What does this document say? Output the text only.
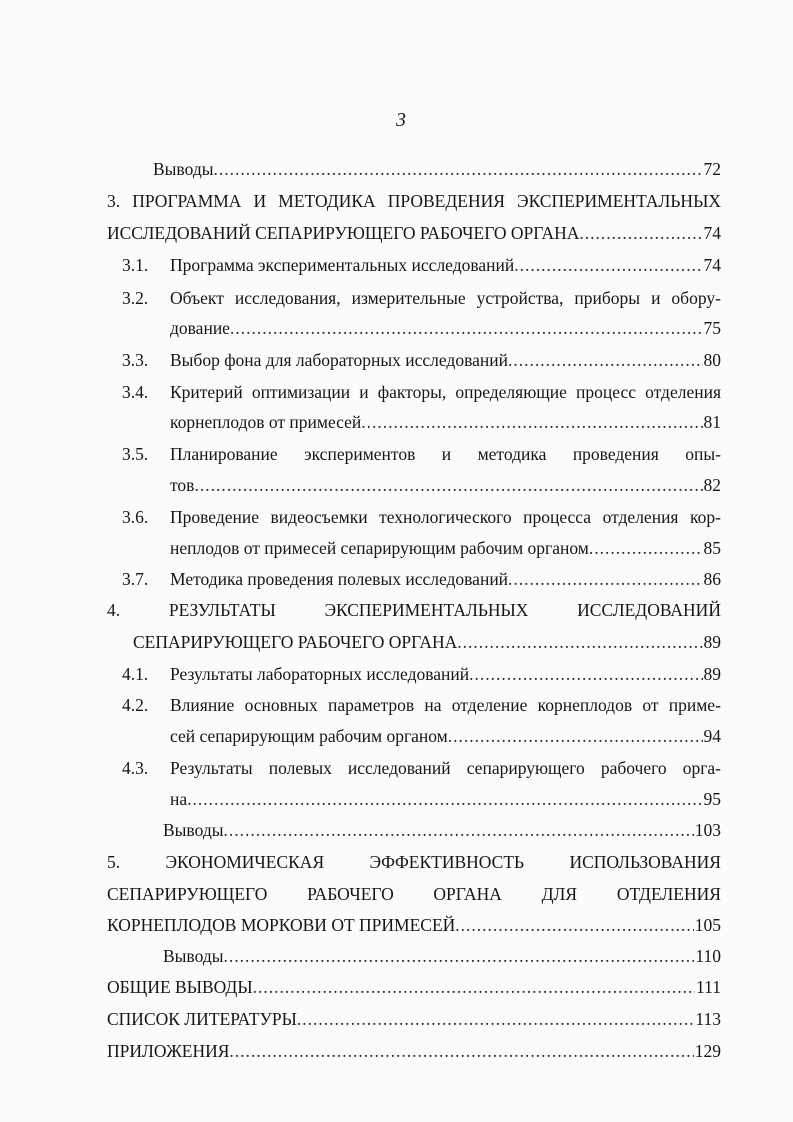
3
Выводы .....	72
3. ПРОГРАММА И МЕТОДИКА ПРОВЕДЕНИЯ ЭКСПЕРИМЕНТАЛЬНЫХ
ИССЛЕДОВАНИЙ СЕПАРИРУЮЩЕГО РАБОЧЕГО ОРГАНА .....	74
3.1. Программа экспериментальных исследований .....	74
3.2. Объект исследования, измерительные устройства, приборы и обору-
дование .....	75
3.3. Выбор фона для лабораторных исследований .....	80
3.4. Критерий оптимизации и факторы, определяющие процесс отделения
корнеплодов от примесей .....	81
3.5. Планирование экспериментов и методика проведения опы-
тов .....	82
3.6. Проведение видеосъемки технологического процесса отделения кор-
неплодов от примесей сепарирующим рабочим органом .....	85
3.7. Методика проведения полевых исследований .....	86
4.	РЕЗУЛЬТАТЫ	ЭКСПЕРИМЕНТАЛЬНЫХ	ИССЛЕДОВАНИЙ
СЕПАРИРУЮЩЕГО РАБОЧЕГО ОРГАНА .....	89
4.1. Результаты лабораторных исследований .....	89
4.2. Влияние основных параметров на отделение корнеплодов от приме-
сей сепарирующим рабочим органом .....	94
4.3. Результаты полевых исследований сепарирующего рабочего орга-
на .....	95
Выводы .....	103
5.	ЭКОНОМИЧЕСКАЯ	ЭФФЕКТИВНОСТЬ	ИСПОЛЬЗОВАНИЯ
СЕПАРИРУЮЩЕГО РАБОЧЕГО ОРГАНА ДЛЯ ОТДЕЛЕНИЯ
КОРНЕПЛОДОВ МОРКОВИ ОТ ПРИМЕСЕЙ .....	105
Выводы .....	110
ОБЩИЕ ВЫВОДЫ .....	111
СПИСОК ЛИТЕРАТУРЫ .....	113
ПРИЛОЖЕНИЯ .....	129
